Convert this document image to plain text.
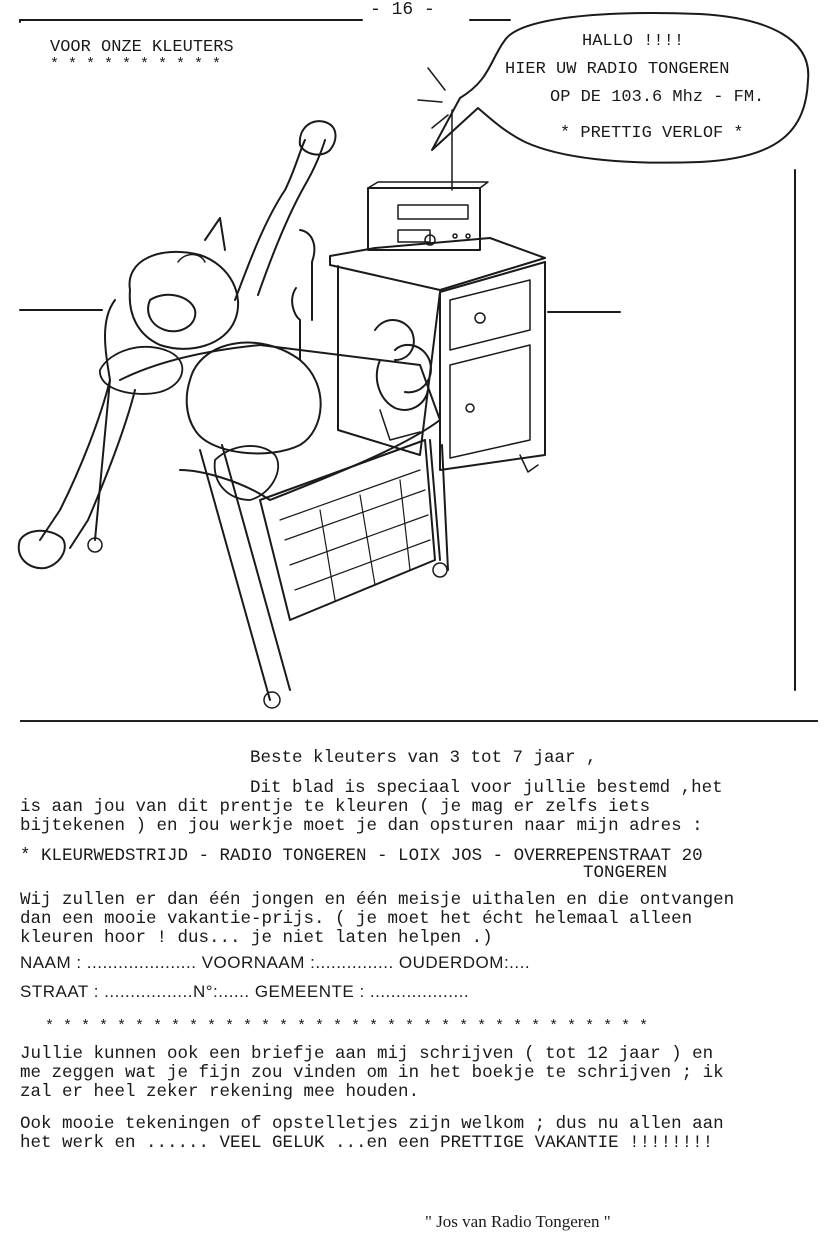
- 16 -
VOOR ONZE KLEUTERS
* * * * * * * * * *
HALLO !!!!
HIER UW RADIO TONGEREN
OP DE 103.6 Mhz - FM.
* PRETTIG VERLOF *
Beste kleuters van 3 tot 7 jaar ,
Dit blad is speciaal voor jullie bestemd ,het
is aan jou van dit prentje te kleuren ( je mag er zelfs iets
bijtekenen ) en jou werkje moet je dan opsturen naar mijn adres :
* KLEURWEDSTRIJD - RADIO TONGEREN - LOIX JOS - OVERREPENSTRAAT 20
TONGEREN
Wij zullen er dan één jongen en één meisje uithalen en die ontvangen
dan een mooie vakantie-prijs. ( je moet het écht helemaal alleen
kleuren hoor ! dus... je niet laten helpen .)
NAAM : ..................... VOORNAAM :............... OUDERDOM:....
STRAAT : .................N°:...... GEMEENTE : ...................
* * * * * * * * * * * * * * * * * * * * * * * * * * * * * * * * * *
Jullie kunnen ook een briefje aan mij schrijven ( tot 12 jaar ) en
me zeggen wat je fijn zou vinden om in het boekje te schrijven ; ik
zal er heel zeker rekening mee houden.
Ook mooie tekeningen of opstelletjes zijn welkom ; dus nu allen aan
het werk en ...... VEEL GELUK ...en een PRETTIGE VAKANTIE !!!!!!!!
" Jos van Radio Tongeren "
